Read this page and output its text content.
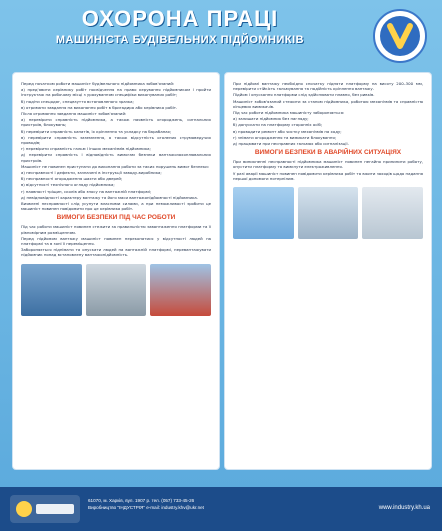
ОХОРОНА ПРАЦІ
МАШИНІСТА БУДІВЕЛЬНИХ ПІДЙОМНИКІВ

Перед початком роботи машиніст будівельного підйомника зобов'язаний:

а) пред'явити керівнику робіт посвідчення на право керування підйомником і пройти інструктаж на робочому місці з урахуванням специфіки виконуваних робіт;

б) надіти спецодяг, спецвзуття встановленого зразка;

в) отримати завдання на виконання робіт в бригадира або керівника робіт.

Після отримання завдання машиніст зобов'язаний:

а) перевірити справність підйомника, а також наявність огороджень, сигнальних пристроїв, блокувань;

б) перевірити справність канатів, їх кріплення та укладку на барабанах;

в) перевірити справність заземлення, а також відсутність оголених струмоведучих проводів;

г) перевірити справність гальм і інших механізмів підйомника;

д) перевірити справність і відповідність вимогам безпеки вантажозахоплювальних пристроїв.

Машиніст не повинен приступати до виконання роботи за таких порушень вимог безпеки:

а) несправності і дефекти, зазначені в інструкції заводу-виробника;

б) несправності огородження шахти або дверей;

в) відсутності технічного огляду підйомника;

г) наявності тріщин, сколів або зносу на вантажній платформі;

д) невідповідності характеру вантажу та його маси вантажопідйомності підйомника.

Виявлені несправності слід усунути власними силами, а при неможливості зробити це машиніст повинен повідомити про це керівника робіт.

ВИМОГИ БЕЗПЕКИ ПІД ЧАС РОБОТИ

Під час роботи машиніст повинен стежити за правильністю завантаження платформи та її рівномірним розміщенням.

Перед підйомом вантажу машиніст повинен переконатися у відсутності людей на платформі та в зоні її переміщення.

Забороняється піднімати та опускати людей на вантажній платформі, перевантажувати підйомник понад встановлену вантажопідйомність.

При підйомі вантажу необхідно спочатку підняти платформу на висоту 200–300 мм, перевірити стійкість гальмування та надійність кріплення вантажу.

Підйом і опускання платформи слід здійснювати плавно, без ривків.

Машиніст зобов'язаний стежити за станом підйомника, роботою механізмів та справністю кінцевих вимикачів.

Під час роботи підйомника машиністу забороняється:

а) залишати підйомник без нагляду;

б) допускати на платформу сторонніх осіб;

в) проводити ремонт або чистку механізмів на ходу;

г) знімати огородження та вимикати блокування;

д) працювати при несправних гальмах або сигналізації.

ВИМОГИ БЕЗПЕКИ В АВАРІЙНИХ СИТУАЦІЯХ

При виникненні несправності підйомника машиніст повинен негайно припинити роботу, опустити платформу та вимкнути електроживлення.

У разі аварії машиніст повинен повідомити керівника робіт та вжити заходів щодо надання першої допомоги потерпілим.

61070, м. Харків, вул. 1907 р. тел. (057) 733-45-26
Виробництво "ІНДУСТРІЯ" e-mail: industry.khv@ukr.net	www.industry.kh.ua
